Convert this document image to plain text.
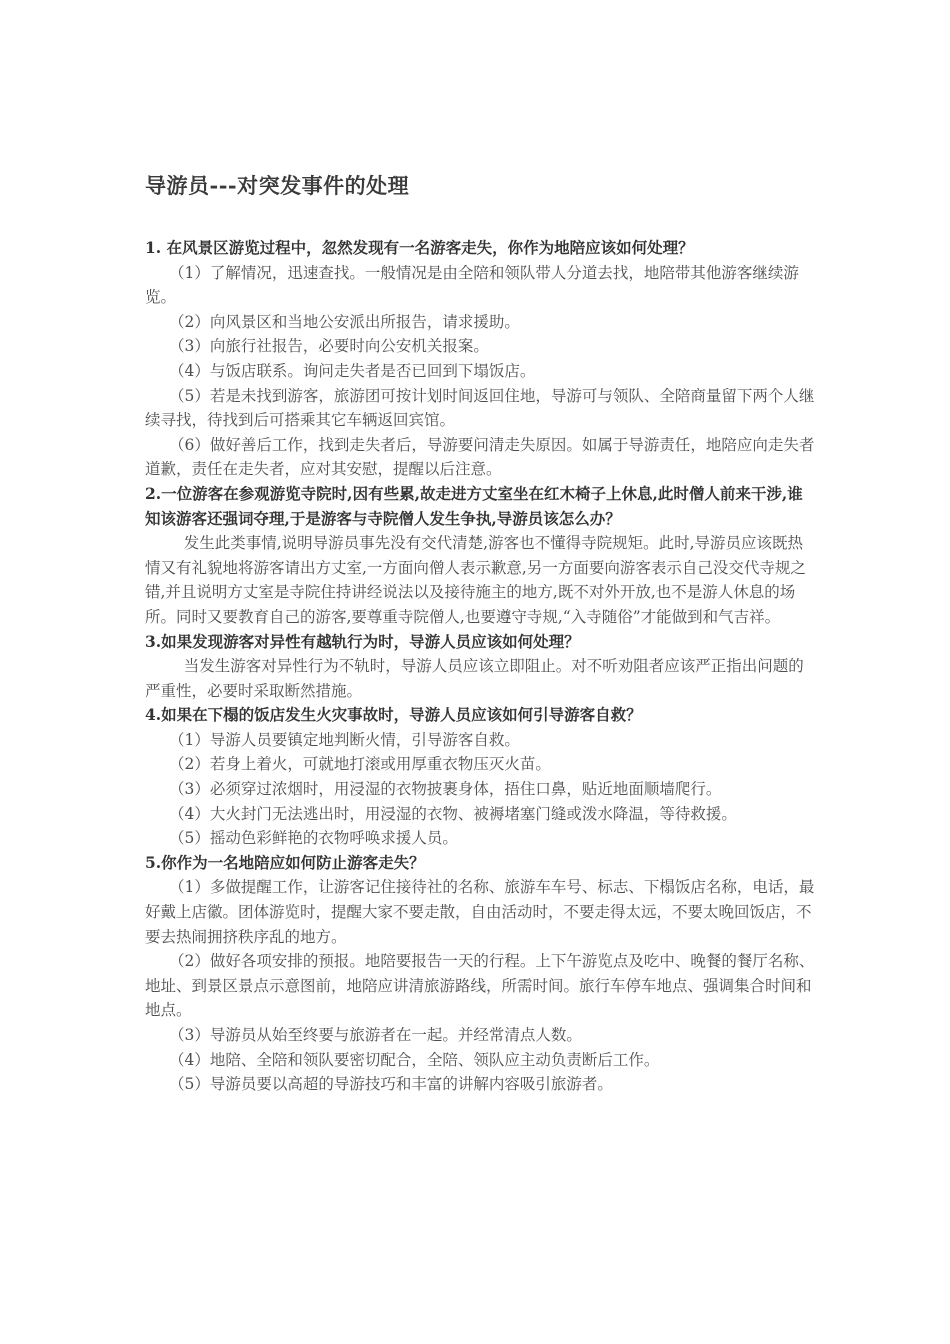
导游员---对突发事件的处理

1. 在风景区游览过程中，忽然发现有一名游客走失，你作为地陪应该如何处理？

（1）了解情况，迅速查找。一般情况是由全陪和领队带人分道去找，地陪带其他游客继续游览。

（2）向风景区和当地公安派出所报告，请求援助。

（3）向旅行社报告，必要时向公安机关报案。

（4）与饭店联系。询问走失者是否已回到下塌饭店。

（5）若是未找到游客，旅游团可按计划时间返回住地，导游可与领队、全陪商量留下两个人继续寻找，待找到后可搭乘其它车辆返回宾馆。

（6）做好善后工作，找到走失者后，导游要问清走失原因。如属于导游责任，地陪应向走失者道歉，责任在走失者，应对其安慰，提醒以后注意。

2.一位游客在参观游览寺院时,因有些累,故走进方丈室坐在红木椅子上休息,此时僧人前来干涉,谁知该游客还强词夺理,于是游客与寺院僧人发生争执,导游员该怎么办？

发生此类事情,说明导游员事先没有交代清楚,游客也不懂得寺院规矩。此时,导游员应该既热情又有礼貌地将游客请出方丈室,一方面向僧人表示歉意,另一方面要向游客表示自己没交代寺规之错,并且说明方丈室是寺院住持讲经说法以及接待施主的地方,既不对外开放,也不是游人休息的场所。同时又要教育自己的游客,要尊重寺院僧人,也要遵守寺规,“入寺随俗”才能做到和气吉祥。

3.如果发现游客对异性有越轨行为时，导游人员应该如何处理？

当发生游客对异性行为不轨时，导游人员应该立即阻止。对不听劝阻者应该严正指出问题的严重性，必要时采取断然措施。

4.如果在下榻的饭店发生火灾事故时，导游人员应该如何引导游客自救？

（1）导游人员要镇定地判断火情，引导游客自救。

（2）若身上着火，可就地打滚或用厚重衣物压灭火苗。

（3）必须穿过浓烟时，用浸湿的衣物披裹身体，捂住口鼻，贴近地面顺墙爬行。

（4）大火封门无法逃出时，用浸湿的衣物、被褥堵塞门缝或泼水降温，等待救援。

（5）摇动色彩鲜艳的衣物呼唤求援人员。

5.你作为一名地陪应如何防止游客走失？

（1）多做提醒工作，让游客记住接待社的名称、旅游车车号、标志、下榻饭店名称，电话，最好戴上店徽。团体游览时，提醒大家不要走散，自由活动时，不要走得太远，不要太晚回饭店，不要去热闹拥挤秩序乱的地方。

（2）做好各项安排的预报。地陪要报告一天的行程。上下午游览点及吃中、晚餐的餐厅名称、地址、到景区景点示意图前，地陪应讲清旅游路线，所需时间。旅行车停车地点、强调集合时间和地点。

（3）导游员从始至终要与旅游者在一起。并经常清点人数。

（4）地陪、全陪和领队要密切配合，全陪、领队应主动负责断后工作。

（5）导游员要以高超的导游技巧和丰富的讲解内容吸引旅游者。
